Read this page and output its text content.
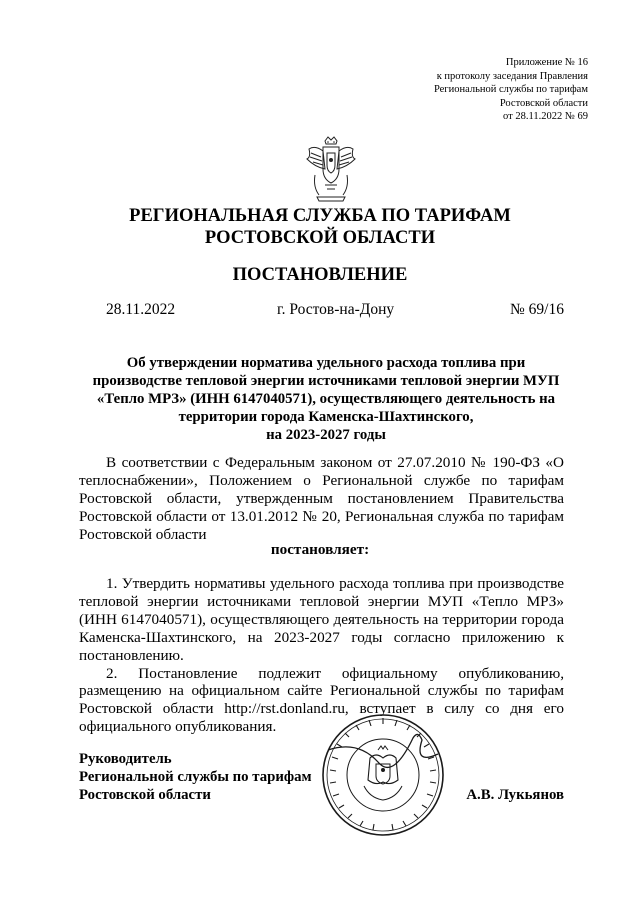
Приложение № 16
к протоколу заседания Правления
Региональной службы по тарифам
Ростовской области
от 28.11.2022 № 69
РЕГИОНАЛЬНАЯ СЛУЖБА ПО ТАРИФАМ
РОСТОВСКОЙ ОБЛАСТИ
ПОСТАНОВЛЕНИЕ
28.11.2022	г. Ростов-на-Дону	№ 69/16
Об утверждении норматива удельного расхода топлива при
производстве тепловой энергии источниками тепловой энергии МУП
«Тепло МРЗ» (ИНН 6147040571), осуществляющего деятельность на
территории города Каменска-Шахтинского,
на 2023-2027 годы
В соответствии с Федеральным законом от 27.07.2010 № 190-ФЗ «О теплоснабжении», Положением о Региональной службе по тарифам Ростовской области, утвержденным постановлением Правительства Ростовской области от 13.01.2012 № 20, Региональная служба по тарифам Ростовской области
постановляет:
1. Утвердить нормативы удельного расхода топлива при производстве тепловой энергии источниками тепловой энергии МУП «Тепло МРЗ» (ИНН 6147040571), осуществляющего деятельность на территории города Каменска-Шахтинского, на 2023-2027 годы согласно приложению к постановлению.
2. Постановление подлежит официальному опубликованию, размещению на официальном сайте Региональной службы по тарифам Ростовской области http://rst.donland.ru, вступает в силу со дня его официального опубликования.
Руководитель
Региональной службы по тарифам
Ростовской области	А.В. Лукьянов
